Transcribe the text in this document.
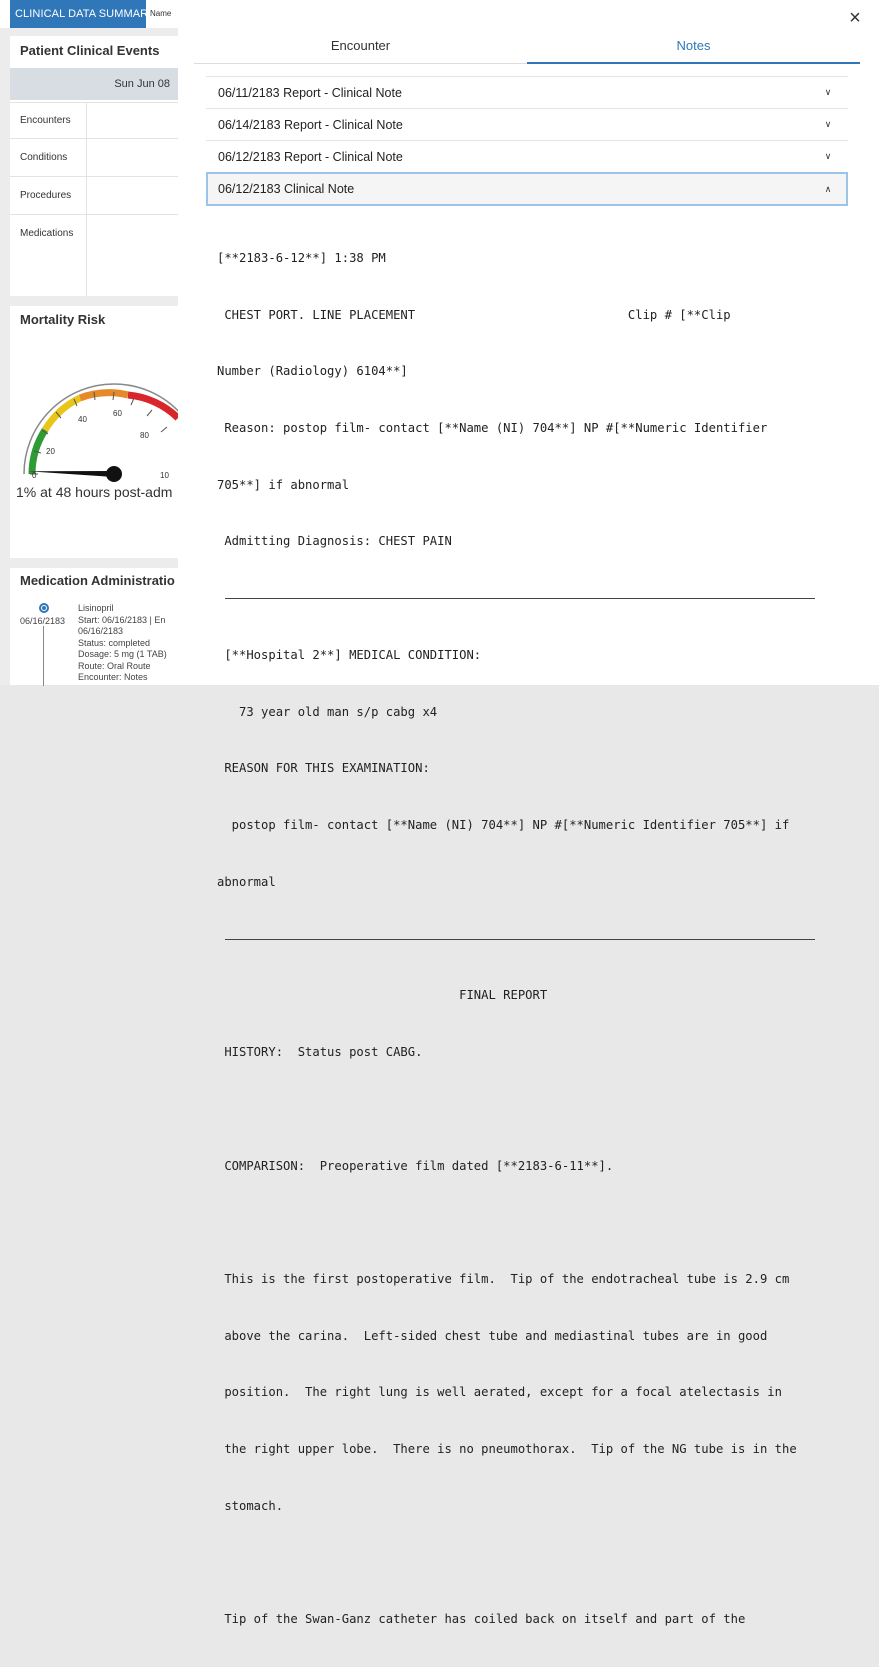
CLINICAL DATA SUMMARY
Name
Patient Clinical Events
Sun Jun 08
Encounters
Conditions
Procedures
Medications
Mortality Risk
0
20
40
60
80
10
1% at 48 hours post-adm
Medication Administratio
06/16/2183
Lisinopril
Start: 06/16/2183 | En
06/16/2183
Status: completed
Dosage: 5 mg (1 TAB)
Route: Oral Route
Encounter: Notes
×
Encounter	Notes
06/11/2183 Report - Clinical Note	∨
06/14/2183 Report - Clinical Note	∨
06/12/2183 Report - Clinical Note	∨
06/12/2183 Clinical Note	∧

[**2183-6-12**] 1:38 PM

CHEST PORT. LINE PLACEMENT                             Clip # [**Clip

Number (Radiology) 6104**]

Reason: postop film- contact [**Name (NI) 704**] NP #[**Numeric Identifier

705**] if abnormal

Admitting Diagnosis: CHEST PAIN

[**Hospital 2**] MEDICAL CONDITION:

73 year old man s/p cabg x4

REASON FOR THIS EXAMINATION:

postop film- contact [**Name (NI) 704**] NP #[**Numeric Identifier 705**] if

abnormal

FINAL REPORT

HISTORY:  Status post CABG.

COMPARISON:  Preoperative film dated [**2183-6-11**].

This is the first postoperative film.  Tip of the endotracheal tube is 2.9 cm

above the carina.  Left-sided chest tube and mediastinal tubes are in good

position.  The right lung is well aerated, except for a focal atelectasis in

the right upper lobe.  There is no pneumothorax.  Tip of the NG tube is in the

stomach.

Tip of the Swan-Ganz catheter has coiled back on itself and part of the
